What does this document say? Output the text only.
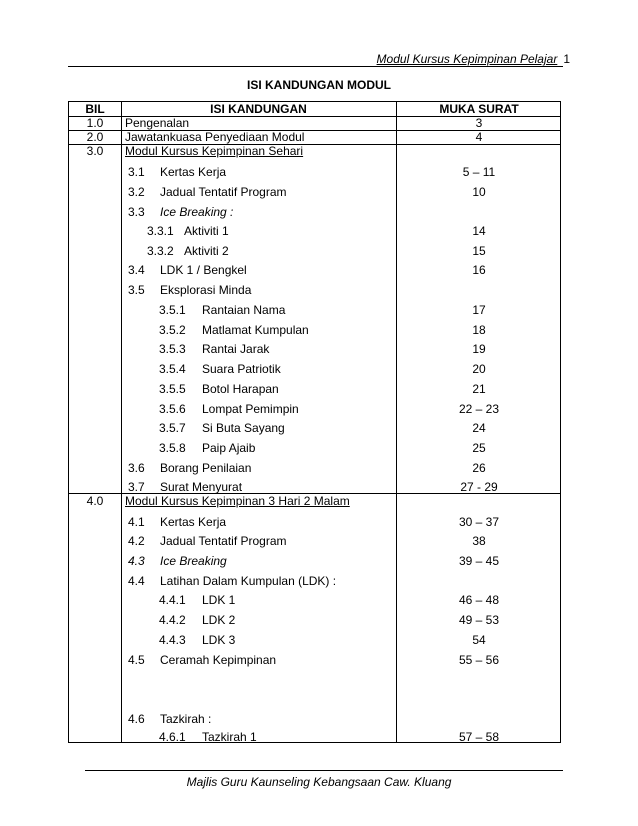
Modul Kursus Kepimpinan Pelajar 1
ISI KANDUNGAN MODUL
BIL	ISI KANDUNGAN	MUKA SURAT
1.0	Pengenalan	3
2.0	Jawatankuasa Penyediaan Modul	4
3.0	Modul Kursus Kepimpinan Sehari
3.1 Kertas Kerja	5 – 11
3.2 Jadual Tentatif Program	10
3.3 Ice Breaking :
3.3.1 Aktiviti 1	14
3.3.2 Aktiviti 2	15
3.4 LDK 1 / Bengkel	16
3.5 Eksplorasi Minda
3.5.1 Rantaian Nama	17
3.5.2 Matlamat Kumpulan	18
3.5.3 Rantai Jarak	19
3.5.4 Suara Patriotik	20
3.5.5 Botol Harapan	21
3.5.6 Lompat Pemimpin	22 – 23
3.5.7 Si Buta Sayang	24
3.5.8 Paip Ajaib	25
3.6 Borang Penilaian	26
3.7 Surat Menyurat	27 - 29
4.0	Modul Kursus Kepimpinan 3 Hari 2 Malam
4.1 Kertas Kerja	30 – 37
4.2 Jadual Tentatif Program	38
4.3 Ice Breaking	39 – 45
4.4 Latihan Dalam Kumpulan (LDK) :
4.4.1 LDK 1	46 – 48
4.4.2 LDK 2	49 – 53
4.4.3 LDK 3	54
4.5 Ceramah Kepimpinan	55 – 56
4.6 Tazkirah :
4.6.1 Tazkirah 1	57 – 58
Majlis Guru Kaunseling Kebangsaan Caw. Kluang
